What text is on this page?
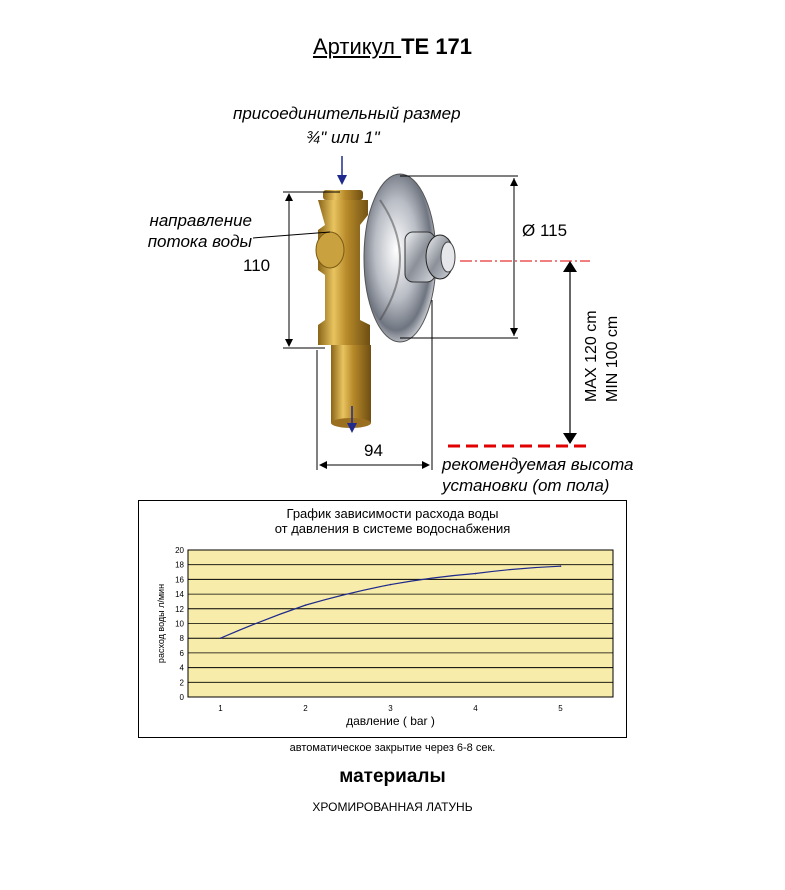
Артикул TE 171
присоединительный размер
¾" или 1"
направление
потока воды
110
Ø 115
94
рекомендуемая высота
установки (от пола)
MAX 120 cm MIN 100 cm
График зависимости расхода воды
от давления в системе водоснабжения
0
2
4
6
8
10
12
14
16
18
20
1	2	3	4	5
давление ( bar )
расход воды л/мин
автоматическое закрытие через 6-8 сек.
материалы
ХРОМИРОВАННАЯ ЛАТУНЬ
